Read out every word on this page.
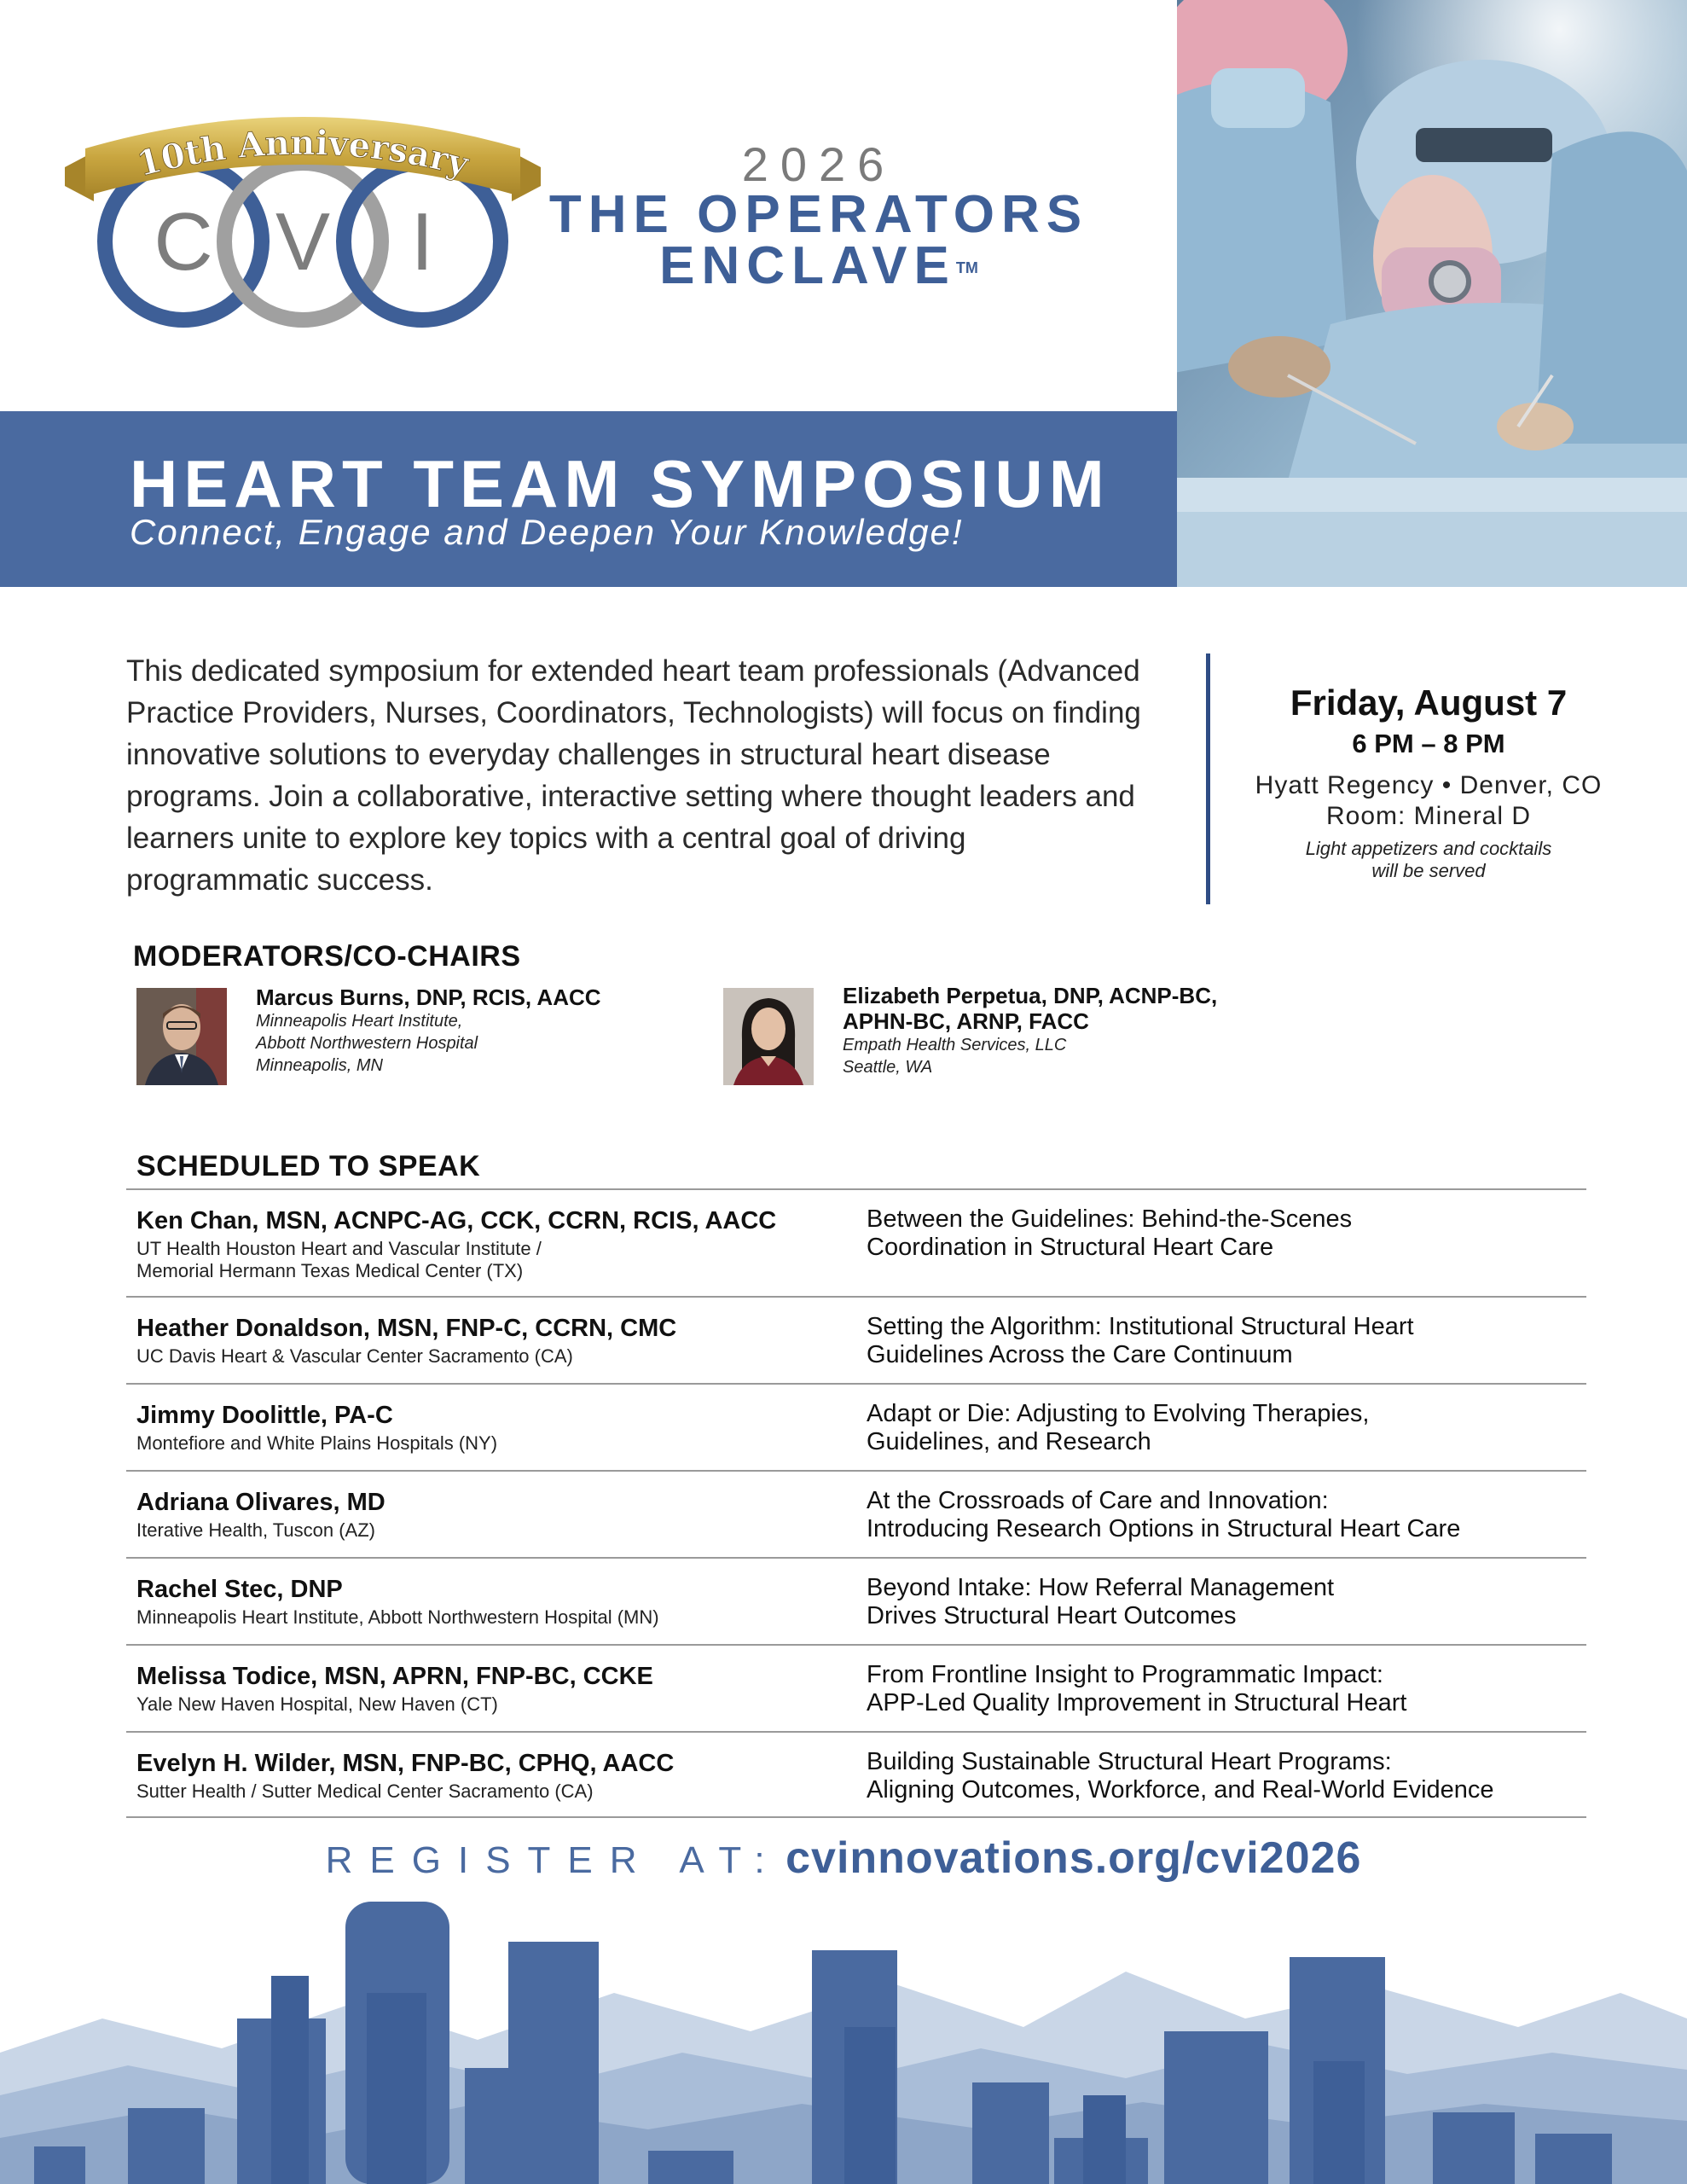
C V I
10th Anniversary	2026
THE OPERATORS
ENCLAVE™
HEART TEAM SYMPOSIUM
Connect, Engage and Deepen Your Knowledge!
This dedicated symposium for extended heart team professionals (Advanced Practice Providers, Nurses, Coordinators, Technologists) will focus on finding innovative solutions to everyday challenges in structural heart disease programs. Join a collaborative, interactive setting where thought leaders and learners unite to explore key topics with a central goal of driving programmatic success.
Friday, August 7
6 PM – 8 PM
Hyatt Regency • Denver, CO
Room: Mineral D
Light appetizers and cocktails
will be served
MODERATORS/CO-CHAIRS
Marcus Burns, DNP, RCIS, AACC
Minneapolis Heart Institute,
Abbott Northwestern Hospital
Minneapolis, MN
Elizabeth Perpetua, DNP, ACNP-BC,
APHN-BC, ARNP, FACC
Empath Health Services, LLC
Seattle, WA
SCHEDULED TO SPEAK
Ken Chan, MSN, ACNPC-AG, CCK, CCRN, RCIS, AACC
UT Health Houston Heart and Vascular Institute /
Memorial Hermann Texas Medical Center (TX)
Between the Guidelines: Behind-the-Scenes
Coordination in Structural Heart Care
Heather Donaldson, MSN, FNP-C, CCRN, CMC
UC Davis Heart & Vascular Center Sacramento (CA)
Setting the Algorithm: Institutional Structural Heart
Guidelines Across the Care Continuum
Jimmy Doolittle, PA-C
Montefiore and White Plains Hospitals (NY)
Adapt or Die: Adjusting to Evolving Therapies,
Guidelines, and Research
Adriana Olivares, MD
Iterative Health, Tuscon (AZ)
At the Crossroads of Care and Innovation:
Introducing Research Options in Structural Heart Care
Rachel Stec, DNP
Minneapolis Heart Institute, Abbott Northwestern Hospital (MN)
Beyond Intake: How Referral Management
Drives Structural Heart Outcomes
Melissa Todice, MSN, APRN, FNP-BC, CCKE
Yale New Haven Hospital, New Haven (CT)
From Frontline Insight to Programmatic Impact:
APP-Led Quality Improvement in Structural Heart
Evelyn H. Wilder, MSN, FNP-BC, CPHQ, AACC
Sutter Health / Sutter Medical Center Sacramento (CA)
Building Sustainable Structural Heart Programs:
Aligning Outcomes, Workforce, and Real-World Evidence
REGISTER AT: cvinnovations.org/cvi2026
